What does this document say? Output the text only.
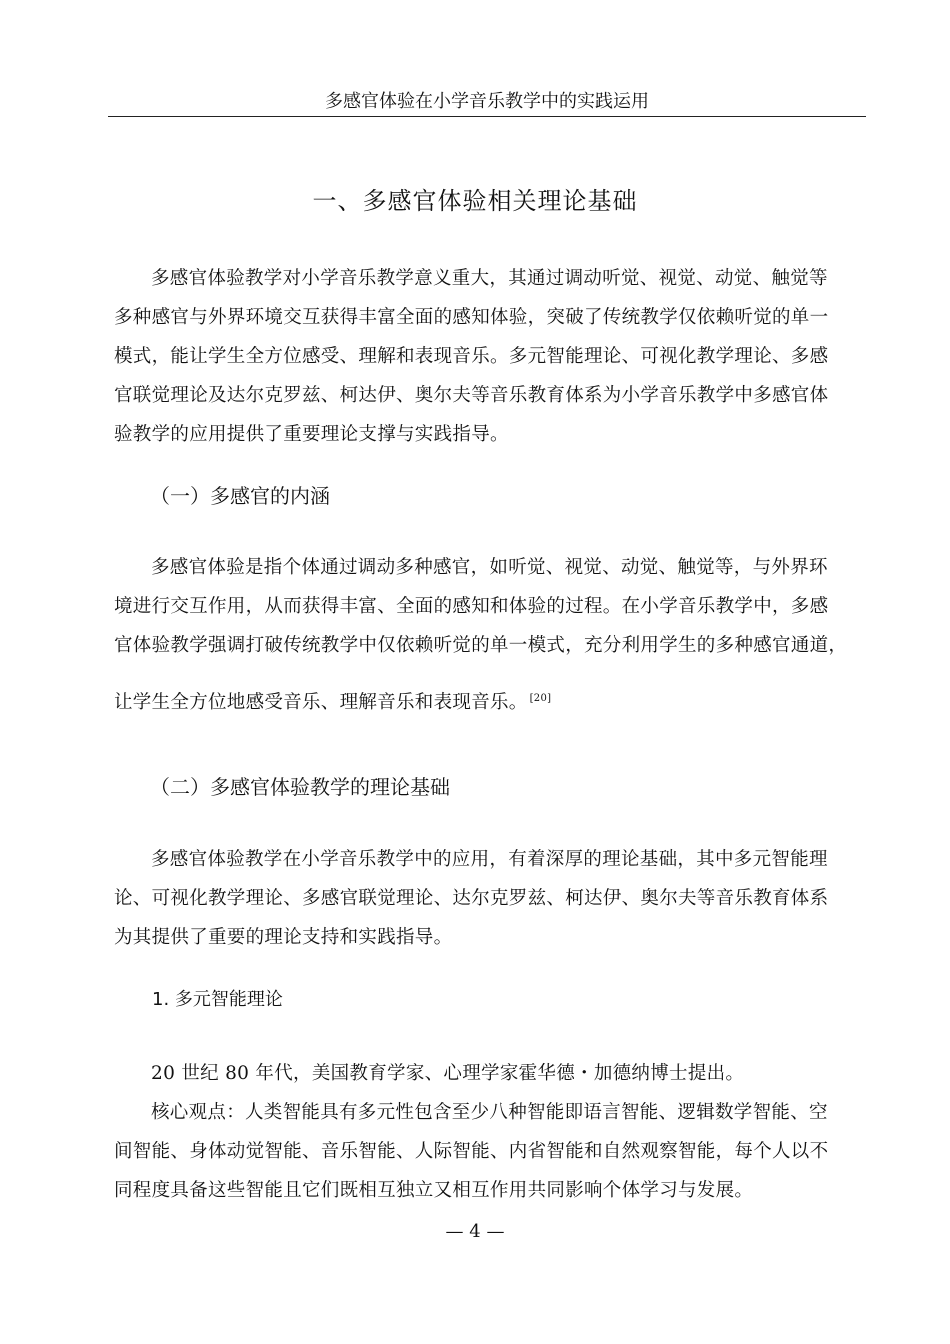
多感官体验在小学音乐教学中的实践运用
一、多感官体验相关理论基础
多感官体验教学对小学音乐教学意义重大，其通过调动听觉、视觉、动觉、触觉等
多种感官与外界环境交互获得丰富全面的感知体验，突破了传统教学仅依赖听觉的单一
模式，能让学生全方位感受、理解和表现音乐。多元智能理论、可视化教学理论、多感
官联觉理论及达尔克罗兹、柯达伊、奥尔夫等音乐教育体系为小学音乐教学中多感官体
验教学的应用提供了重要理论支撑与实践指导。
（一）多感官的内涵
多感官体验是指个体通过调动多种感官，如听觉、视觉、动觉、触觉等，与外界环
境进行交互作用，从而获得丰富、全面的感知和体验的过程。在小学音乐教学中，多感
官体验教学强调打破传统教学中仅依赖听觉的单一模式，充分利用学生的多种感官通道，
让学生全方位地感受音乐、理解音乐和表现音乐。 [20]
（二）多感官体验教学的理论基础
多感官体验教学在小学音乐教学中的应用，有着深厚的理论基础，其中多元智能理
论、可视化教学理论、多感官联觉理论、达尔克罗兹、柯达伊、奥尔夫等音乐教育体系
为其提供了重要的理论支持和实践指导。
1. 多元智能理论
20 世纪 80 年代，美国教育学家、心理学家霍华德・加德纳博士提出。
核心观点：人类智能具有多元性包含至少八种智能即语言智能、逻辑数学智能、空
间智能、身体动觉智能、音乐智能、人际智能、内省智能和自然观察智能，每个人以不
同程度具备这些智能且它们既相互独立又相互作用共同影响个体学习与发展。
— 4 —
